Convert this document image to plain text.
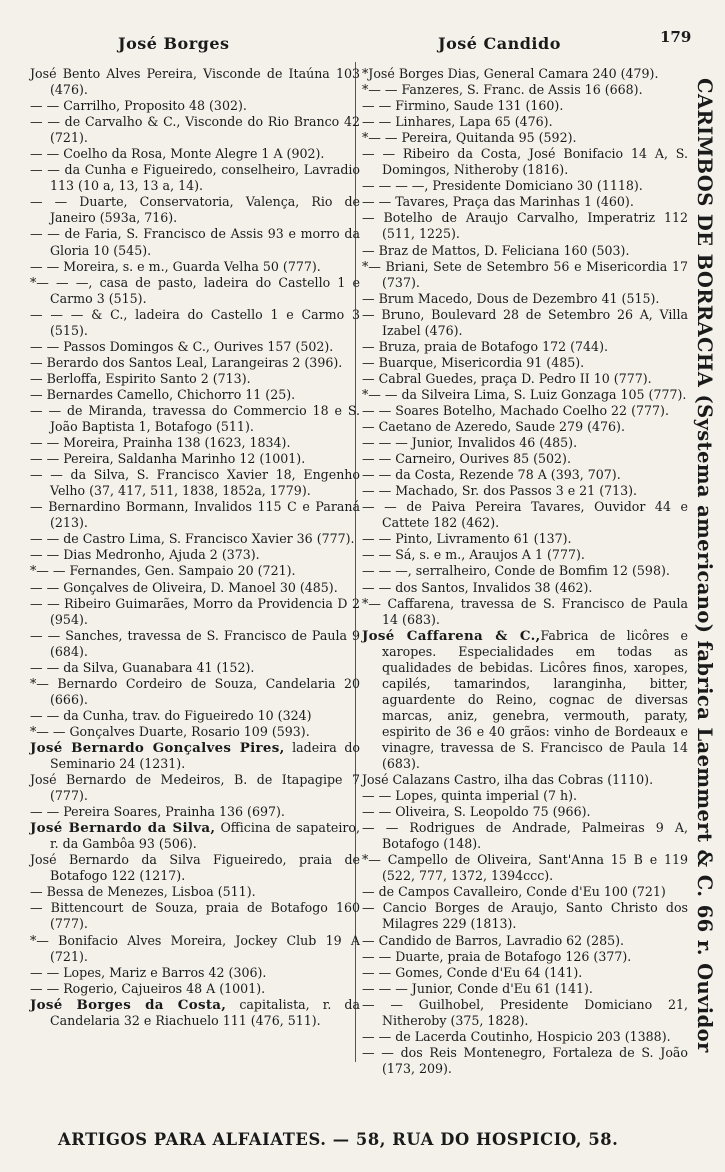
José Borges	José Candido	179
José Bento Alves Pereira, Visconde de Itaúna 103 (476).
— — Carrilho, Proposito 48 (302).
— — de Carvalho & C., Visconde do Rio Branco 42 (721).
— — Coelho da Rosa, Monte Alegre 1 A (902).
— — da Cunha e Figueiredo, conselheiro, Lavradio 113 (10 a, 13, 13 a, 14).
— — Duarte, Conservatoria, Valença, Rio de Janeiro (593a, 716).
— — de Faria, S. Francisco de Assis 93 e morro da Gloria 10 (545).
— — Moreira, s. e m., Guarda Velha 50 (777).
*— — —, casa de pasto, ladeira do Castello 1 e Carmo 3 (515).
— — — & C., ladeira do Castello 1 e Carmo 3 (515).
— — Passos Domingos & C., Ourives 157 (502).
— Berardo dos Santos Leal, Larangeiras 2 (396).
— Berloffa, Espirito Santo 2 (713).
— Bernardes Camello, Chichorro 11 (25).
— — de Miranda, travessa do Commercio 18 e S. João Baptista 1, Botafogo (511).
— — Moreira, Prainha 138 (1623, 1834).
— — Pereira, Saldanha Marinho 12 (1001).
— — da Silva, S. Francisco Xavier 18, Engenho Velho (37, 417, 511, 1838, 1852a, 1779).
— Bernardino Bormann, Invalidos 115 C e Paraná (213).
— — de Castro Lima, S. Francisco Xavier 36 (777).
— — Dias Medronho, Ajuda 2 (373).
*— — Fernandes, Gen. Sampaio 20 (721).
— — Gonçalves de Oliveira, D. Manoel 30 (485).
— — Ribeiro Guimarães, Morro da Providencia D 2 (954).
— — Sanches, travessa de S. Francisco de Paula 9 (684).
— — da Silva, Guanabara 41 (152).
*— Bernardo Cordeiro de Souza, Candelaria 20 (666).
— — da Cunha, trav. do Figueiredo 10 (324)
*— — Gonçalves Duarte, Rosario 109 (593).
José Bernardo Gonçalves Pires, ladeira do Seminario 24 (1231).
José Bernardo de Medeiros, B. de Itapagipe 7 (777).
— — Pereira Soares, Prainha 136 (697).
José Bernardo da Silva, Officina de sapateiro, r. da Gambôa 93 (506).
José Bernardo da Silva Figueiredo, praia de Botafogo 122 (1217).
— Bessa de Menezes, Lisboa (511).
— Bittencourt de Souza, praia de Botafogo 160 (777).
*— Bonifacio Alves Moreira, Jockey Club 19 A (721).
— — Lopes, Mariz e Barros 42 (306).
— — Rogerio, Cajueiros 48 A (1001).
José Borges da Costa, capitalista, r. da Candelaria 32 e Riachuelo 111 (476, 511).
*José Borges Dias, General Camara 240 (479).
*— — Fanzeres, S. Franc. de Assis 16 (668).
— — Firmino, Saude 131 (160).
— — Linhares, Lapa 65 (476).
*— — Pereira, Quitanda 95 (592).
— — Ribeiro da Costa, José Bonifacio 14 A, S. Domingos, Nitheroby (1816).
— — — —, Presidente Domiciano 30 (1118).
— — Tavares, Praça das Marinhas 1 (460).
— Botelho de Araujo Carvalho, Imperatriz 112 (511, 1225).
— Braz de Mattos, D. Feliciana 160 (503).
*— Briani, Sete de Setembro 56 e Misericordia 17 (737).
— Brum Macedo, Dous de Dezembro 41 (515).
— Bruno, Boulevard 28 de Setembro 26 A, Villa Izabel (476).
— Bruza, praia de Botafogo 172 (744).
— Buarque, Misericordia 91 (485).
— Cabral Guedes, praça D. Pedro II 10 (777).
*— — da Silveira Lima, S. Luiz Gonzaga 105 (777).
— — Soares Botelho, Machado Coelho 22 (777).
— Caetano de Azeredo, Saude 279 (476).
— — — Junior, Invalidos 46 (485).
— — Carneiro, Ourives 85 (502).
— — da Costa, Rezende 78 A (393, 707).
— — Machado, Sr. dos Passos 3 e 21 (713).
— — de Paiva Pereira Tavares, Ouvidor 44 e Cattete 182 (462).
— — Pinto, Livramento 61 (137).
— — Sá, s. e m., Araujos A 1 (777).
— — —, serralheiro, Conde de Bomfim 12 (598).
— — dos Santos, Invalidos 38 (462).
*— Caffarena, travessa de S. Francisco de Paula 14 (683).
José Caffarena & C.,Fabrica de licôres e xaropes. Especialidades em todas as qualidades de bebidas. Licôres finos, xaropes, capilés, tamarindos, laranginha, bitter, aguardente do Reino, cognac de diversas marcas, aniz, genebra, vermouth, paraty, espirito de 36 e 40 grãos: vinho de Bordeaux e vinagre, travessa de S. Francisco de Paula 14 (683).
José Calazans Castro, ilha das Cobras (1110).
— — Lopes, quinta imperial (7 h).
— — Oliveira, S. Leopoldo 75 (966).
— — Rodrigues de Andrade, Palmeiras 9 A, Botafogo (148).
*— Campello de Oliveira, Sant'Anna 15 B e 119 (522, 777, 1372, 1394ccc).
— de Campos Cavalleiro, Conde d'Eu 100 (721)
— Cancio Borges de Araujo, Santo Christo dos Milagres 229 (1813).
— Candido de Barros, Lavradio 62 (285).
— — Duarte, praia de Botafogo 126 (377).
— — Gomes, Conde d'Eu 64 (141).
— — — Junior, Conde d'Eu 61 (141).
— — Guilhobel, Presidente Domiciano 21, Nitheroby (375, 1828).
— — de Lacerda Coutinho, Hospicio 203 (1388).
— — dos Reis Montenegro, Fortaleza de S. João (173, 209).
CARIMBOS DE BORRACHA (Systema americano) fabrica Laemmert & C. 66 r. Ouvidor
ARTIGOS PARA ALFAIATES. — 58, RUA DO HOSPICIO, 58.
